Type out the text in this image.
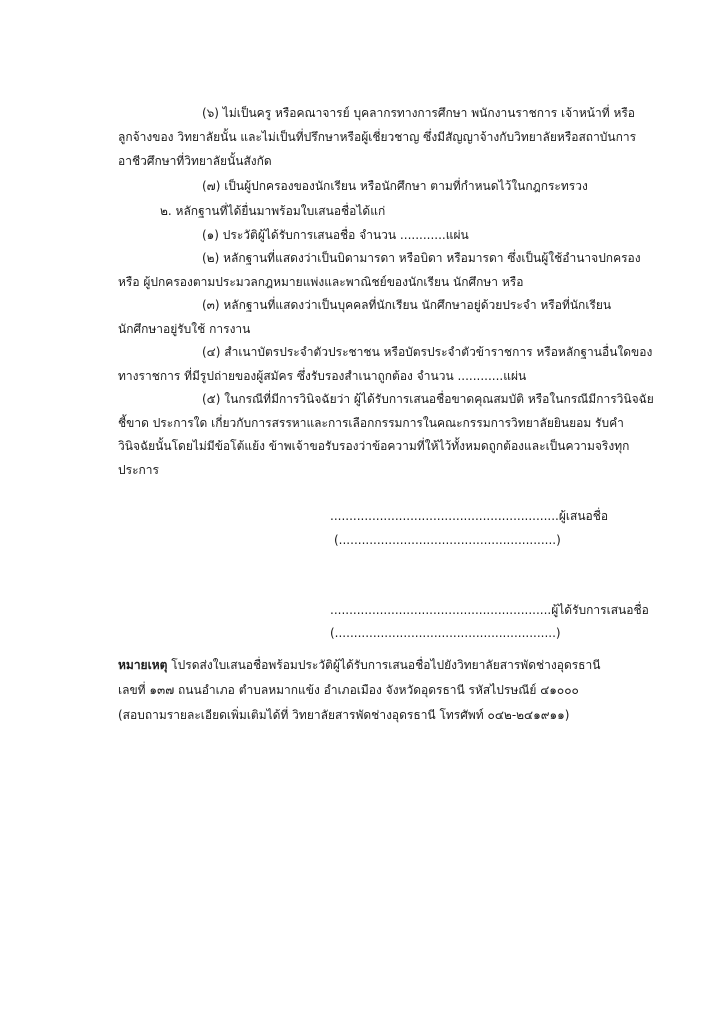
(๖) ไม่เป็นครู หรือคณาจารย์ บุคลากรทางการศึกษา พนักงานราชการ เจ้าหน้าที่ หรือ
ลูกจ้างของ วิทยาลัยนั้น และไม่เป็นที่ปรึกษาหรือผู้เชี่ยวชาญ ซึ่งมีสัญญาจ้างกับวิทยาลัยหรือสถาบันการ
อาชีวศึกษาที่วิทยาลัยนั้นสังกัด
(๗) เป็นผู้ปกครองของนักเรียน หรือนักศึกษา ตามที่กำหนดไว้ในกฎกระทรวง
๒. หลักฐานที่ได้ยื่นมาพร้อมใบเสนอชื่อได้แก่
(๑) ประวัติผู้ได้รับการเสนอชื่อ จำนวน ............แผ่น
(๒) หลักฐานที่แสดงว่าเป็นบิดามารดา หรือบิดา หรือมารดา ซึ่งเป็นผู้ใช้อำนาจปกครอง
หรือ ผู้ปกครองตามประมวลกฎหมายแพ่งและพาณิชย์ของนักเรียน นักศึกษา หรือ
(๓) หลักฐานที่แสดงว่าเป็นบุคคลที่นักเรียน นักศึกษาอยู่ด้วยประจำ หรือที่นักเรียน
นักศึกษาอยู่รับใช้ การงาน
(๔) สำเนาบัตรประจำตัวประชาชน หรือบัตรประจำตัวข้าราชการ หรือหลักฐานอื่นใดของ
ทางราชการ ที่มีรูปถ่ายของผู้สมัคร ซึ่งรับรองสำเนาถูกต้อง จำนวน ............แผ่น
(๕) ในกรณีที่มีการวินิจฉัยว่า ผู้ได้รับการเสนอชื่อขาดคุณสมบัติ หรือในกรณีมีการวินิจฉัย
ชี้ขาด ประการใด เกี่ยวกับการสรรหาและการเลือกกรรมการในคณะกรรมการวิทยาลัยยินยอม รับคำ
วินิจฉัยนั้นโดยไม่มีข้อโต้แย้ง ข้าพเจ้าขอรับรองว่าข้อความที่ให้ไว้ทั้งหมดถูกต้องและเป็นความจริงทุก
ประการ
............................................................ผู้เสนอชื่อ
(.........................................................)
..........................................................ผู้ได้รับการเสนอชื่อ
(..........................................................)
หมายเหตุ โปรดส่งใบเสนอชื่อพร้อมประวัติผู้ได้รับการเสนอชื่อไปยังวิทยาลัยสารพัดช่างอุดรธานี
เลขที่ ๑๓๗ ถนนอำเภอ ตำบลหมากแข้ง อำเภอเมือง จังหวัดอุดรธานี รหัสไปรษณีย์ ๔๑๐๐๐
(สอบถามรายละเอียดเพิ่มเติมได้ที่ วิทยาลัยสารพัดช่างอุดรธานี โทรศัพท์ ๐๔๒-๒๔๑๙๑๑)
